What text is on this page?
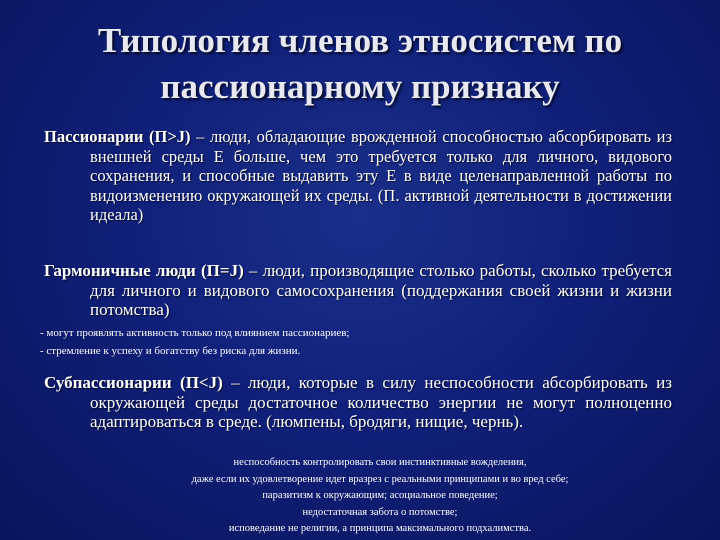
Типология членов этносистем по
пассионарному признаку
Пассионарии (П>J) – люди, обладающие врожденной способностью абсорбировать из внешней среды Е больше, чем это требуется только для личного, видового сохранения, и способные выдавить эту Е в виде целенаправленной работы по видоизменению окружающей их среды. (П. активной деятельности в достижении идеала)
Гармоничные люди (П=J) – люди, производящие столько работы, сколько требуется для личного и видового самосохранения (поддержания своей жизни и жизни потомства)
- могут проявлять активность только под влиянием пассионариев;
- стремление к успеху и богатству без риска для жизни.
Субпассионарии (П<J) – люди, которые в силу неспособности абсорбировать из окружающей среды достаточное количество энергии не могут полноценно адаптироваться в среде. (люмпены, бродяги, нищие, чернь).
неспособность контролировать свои инстинктивные вожделения,
даже если их удовлетворение идет вразрез с реальными принципами и во вред себе;
паразитизм к окружающим; асоциальное поведение;
недостаточная забота о потомстве;
исповедание не религии, а принципа максимального подхалимства.
